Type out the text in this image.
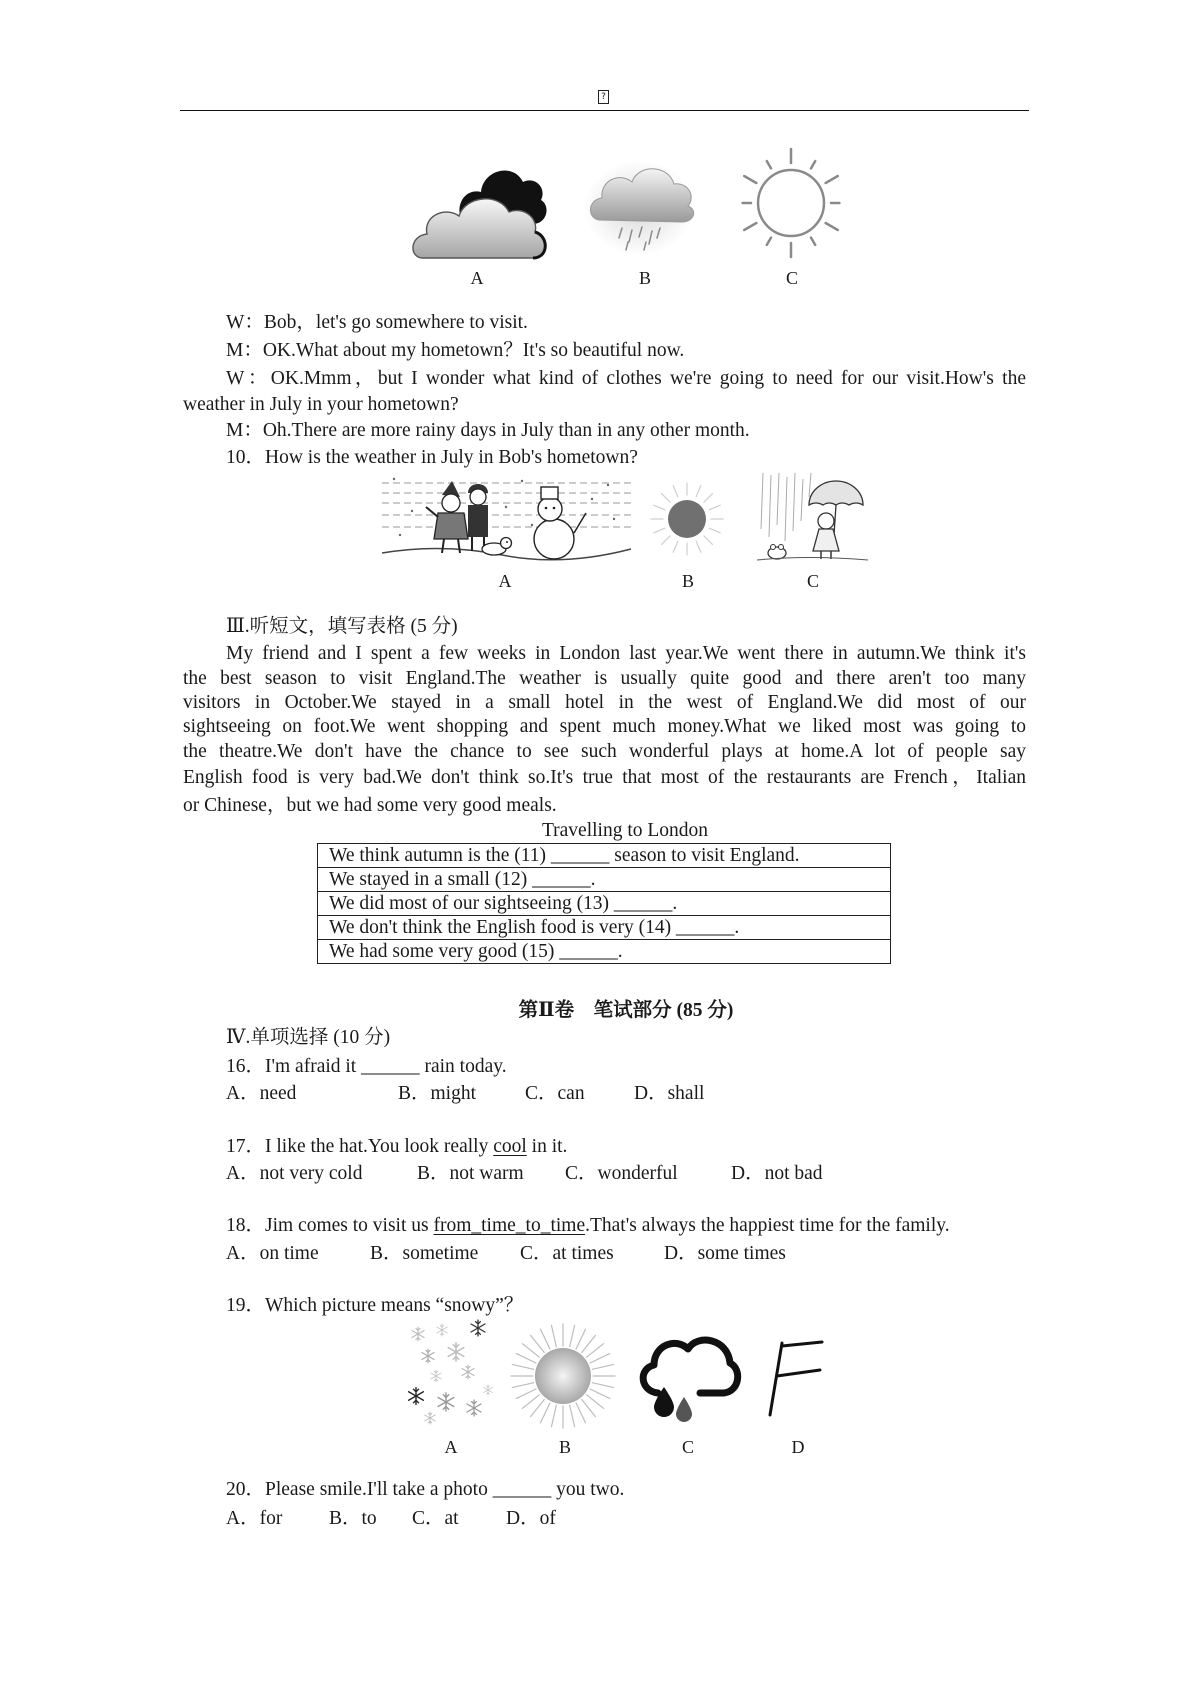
?
A	B	C
W：Bob，let's go somewhere to visit.
M：OK.What about my hometown？It's so beautiful now.
W：OK.Mmm，but I wonder what kind of clothes we're going to need for our visit.How's the
weather in July in your hometown?
M：Oh.There are more rainy days in July than in any other month.
10．How is the weather in July in Bob's hometown?
A	B	C
Ⅲ.听短文，填写表格 (5 分)
My friend and I spent a few weeks in London last year.We went there in autumn.We think it's
the best season to visit England.The weather is usually quite good and there aren't too many
visitors in October.We stayed in a small hotel in the west of England.We did most of our
sightseeing on foot.We went shopping and spent much money.What we liked most was going to
the theatre.We don't have the chance to see such wonderful plays at home.A lot of people say
English food is very bad.We don't think so.It's true that most of the restaurants are French，Italian
or Chinese，but we had some very good meals.
Travelling to London
We think autumn is the (11) ______ season to visit England.
We stayed in a small (12) ______.
We did most of our sightseeing (13) ______.
We don't think the English food is very (14) ______.
We had some very good (15) ______.
第Ⅱ卷　笔试部分 (85 分)
Ⅳ.单项选择 (10 分)
16．I'm afraid it ______ rain today.
A．need	B．might	C．can	D．shall
17．I like the hat.You look really cool in it.
A．not very cold	B．not warm C．wonderful	D．not bad
18．Jim comes to visit us from_time_to_time.That's always the happiest time for the family.
A．on time	B．sometime C．at times	D．some times
19．Which picture means “snowy”？
A	B	C	D
20．Please smile.I'll take a photo ______ you two.
A．for B．to C．at D．of
